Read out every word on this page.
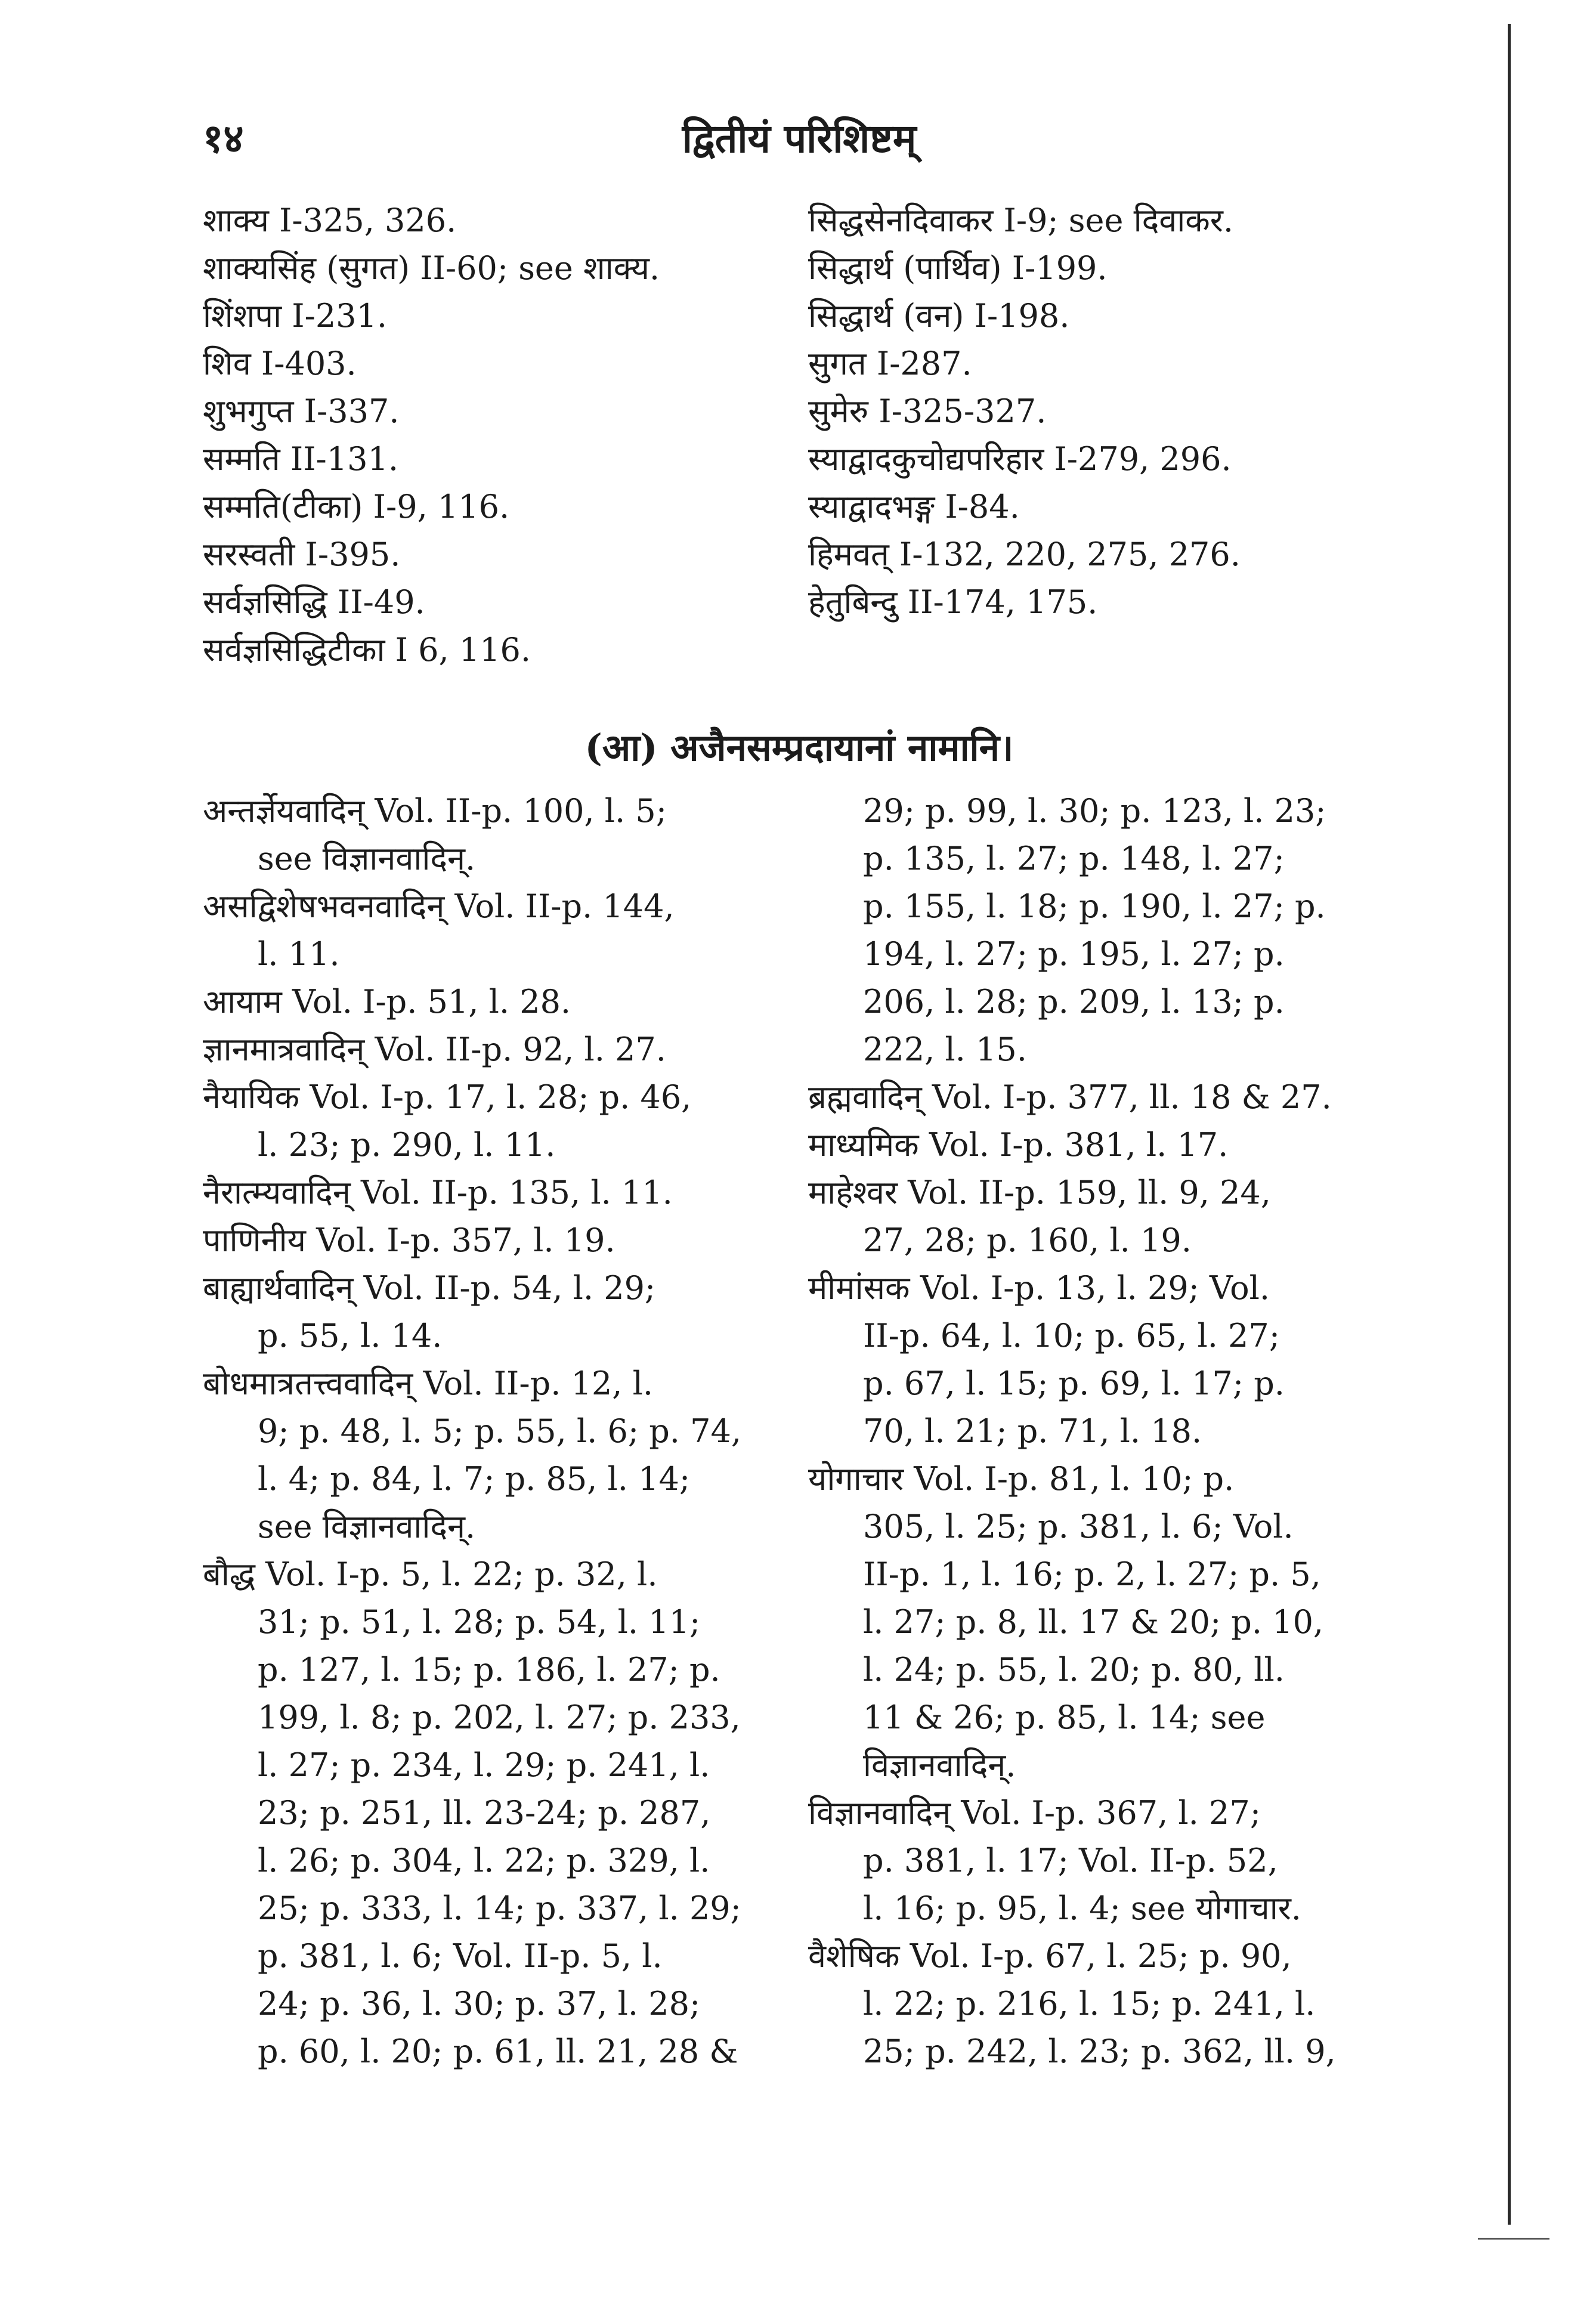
१४	द्वितीयं परिशिष्टम्

शाक्य I-325, 326.

शाक्यसिंह (सुगत) II-60; see शाक्य.

शिंशपा I-231.

शिव I-403.

शुभगुप्त I-337.

सम्मति II-131.

सम्मति(टीका) I-9, 116.

सरस्वती I-395.

सर्वज्ञसिद्धि II-49.

सर्वज्ञसिद्धिटीका I 6, 116.

सिद्धसेनदिवाकर I-9; see दिवाकर.

सिद्धार्थ (पार्थिव) I-199.

सिद्धार्थ (वन) I-198.

सुगत I-287.

सुमेरु I-325-327.

स्याद्वादकुचोद्यपरिहार I-279, 296.

स्याद्वादभङ्ग I-84.

हिमवत् I-132, 220, 275, 276.

हेतुबिन्दु II-174, 175.

(आ) अजैनसम्प्रदायानां नामानि।

अन्तर्ज्ञेयवादिन् Vol. II-p. 100, l. 5;

see विज्ञानवादिन्.

असद्विशेषभवनवादिन् Vol. II-p. 144,

l. 11.

आयाम Vol. I-p. 51, l. 28.

ज्ञानमात्रवादिन् Vol. II-p. 92, l. 27.

नैयायिक Vol. I-p. 17, l. 28; p. 46,

l. 23; p. 290, l. 11.

नैरात्म्यवादिन् Vol. II-p. 135, l. 11.

पाणिनीय Vol. I-p. 357, l. 19.

बाह्यार्थवादिन् Vol. II-p. 54, l. 29;

p. 55, l. 14.

बोधमात्रतत्त्ववादिन् Vol. II-p. 12, l.

9; p. 48, l. 5; p. 55, l. 6; p. 74,

l. 4; p. 84, l. 7; p. 85, l. 14;

see विज्ञानवादिन्.

बौद्ध Vol. I-p. 5, l. 22; p. 32, l.

31; p. 51, l. 28; p. 54, l. 11;

p. 127, l. 15; p. 186, l. 27; p.

199, l. 8; p. 202, l. 27; p. 233,

l. 27; p. 234, l. 29; p. 241, l.

23; p. 251, ll. 23-24; p. 287,

l. 26; p. 304, l. 22; p. 329, l.

25; p. 333, l. 14; p. 337, l. 29;

p. 381, l. 6; Vol. II-p. 5, l.

24; p. 36, l. 30; p. 37, l. 28;

p. 60, l. 20; p. 61, ll. 21, 28 &

29; p. 99, l. 30; p. 123, l. 23;

p. 135, l. 27; p. 148, l. 27;

p. 155, l. 18; p. 190, l. 27; p.

194, l. 27; p. 195, l. 27; p.

206, l. 28; p. 209, l. 13; p.

222, l. 15.

ब्रह्मवादिन् Vol. I-p. 377, ll. 18 & 27.

माध्यमिक Vol. I-p. 381, l. 17.

माहेश्वर Vol. II-p. 159, ll. 9, 24,

27, 28; p. 160, l. 19.

मीमांसक Vol. I-p. 13, l. 29; Vol.

II-p. 64, l. 10; p. 65, l. 27;

p. 67, l. 15; p. 69, l. 17; p.

70, l. 21; p. 71, l. 18.

योगाचार Vol. I-p. 81, l. 10; p.

305, l. 25; p. 381, l. 6; Vol.

II-p. 1, l. 16; p. 2, l. 27; p. 5,

l. 27; p. 8, ll. 17 & 20; p. 10,

l. 24; p. 55, l. 20; p. 80, ll.

11 & 26; p. 85, l. 14; see

विज्ञानवादिन्.

विज्ञानवादिन् Vol. I-p. 367, l. 27;

p. 381, l. 17; Vol. II-p. 52,

l. 16; p. 95, l. 4; see योगाचार.

वैशेषिक Vol. I-p. 67, l. 25; p. 90,

l. 22; p. 216, l. 15; p. 241, l.

25; p. 242, l. 23; p. 362, ll. 9,
